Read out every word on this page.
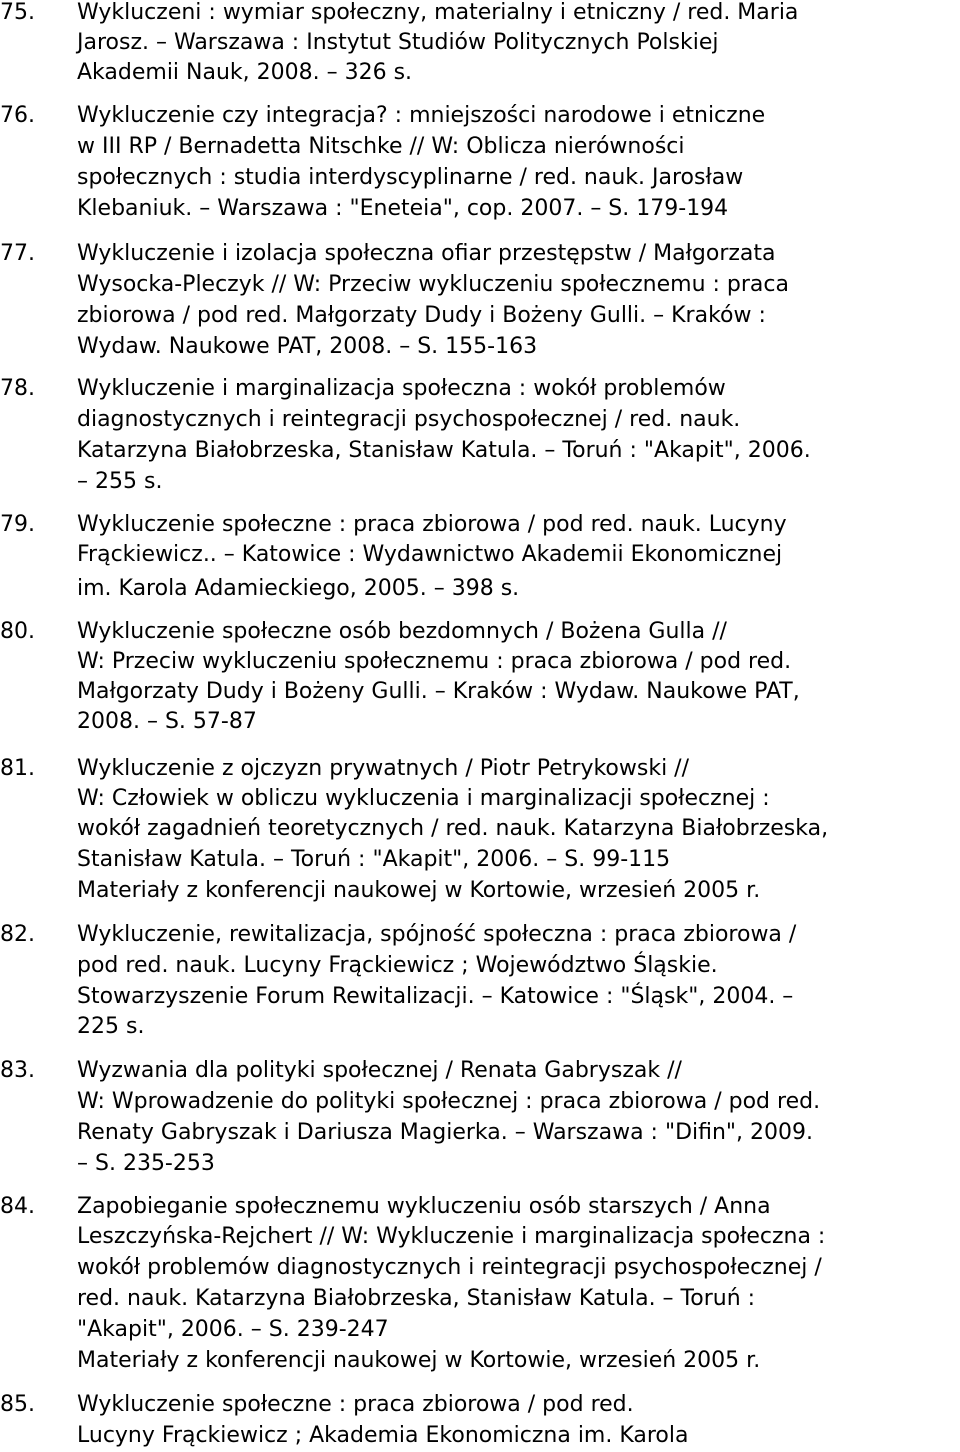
75. Wykluczeni : wymiar społeczny, materialny i etniczny / red. Maria
Jarosz. – Warszawa : Instytut Studiów Politycznych Polskiej
Akademii Nauk, 2008. – 326 s.
76. Wykluczenie czy integracja? : mniejszości narodowe i etniczne
w III RP / Bernadetta Nitschke // W: Oblicza nierówności
społecznych : studia interdyscyplinarne / red. nauk. Jarosław
Klebaniuk. – Warszawa : "Eneteia", cop. 2007. – S. 179-194
77. Wykluczenie i izolacja społeczna ofiar przestępstw / Małgorzata
Wysocka-Pleczyk // W: Przeciw wykluczeniu społecznemu : praca
zbiorowa / pod red. Małgorzaty Dudy i Bożeny Gulli. – Kraków :
Wydaw. Naukowe PAT, 2008. – S. 155-163
78. Wykluczenie i marginalizacja społeczna : wokół problemów
diagnostycznych i reintegracji psychospołecznej / red. nauk.
Katarzyna Białobrzeska, Stanisław Katula. – Toruń : "Akapit", 2006.
– 255 s.
79. Wykluczenie społeczne : praca zbiorowa / pod red. nauk. Lucyny
Frąckiewicz.. – Katowice : Wydawnictwo Akademii Ekonomicznej
im. Karola Adamieckiego, 2005. – 398 s.
80. Wykluczenie społeczne osób bezdomnych / Bożena Gulla //
W: Przeciw wykluczeniu społecznemu : praca zbiorowa / pod red.
Małgorzaty Dudy i Bożeny Gulli. – Kraków : Wydaw. Naukowe PAT,
2008. – S. 57-87
81. Wykluczenie z ojczyzn prywatnych / Piotr Petrykowski //
W: Człowiek w obliczu wykluczenia i marginalizacji społecznej :
wokół zagadnień teoretycznych / red. nauk. Katarzyna Białobrzeska,
Stanisław Katula. – Toruń : "Akapit", 2006. – S. 99-115
Materiały z konferencji naukowej w Kortowie, wrzesień 2005 r.
82. Wykluczenie, rewitalizacja, spójność społeczna : praca zbiorowa /
pod red. nauk. Lucyny Frąckiewicz ; Województwo Śląskie.
Stowarzyszenie Forum Rewitalizacji. – Katowice : "Śląsk", 2004. –
225 s.
83. Wyzwania dla polityki społecznej / Renata Gabryszak //
W: Wprowadzenie do polityki społecznej : praca zbiorowa / pod red.
Renaty Gabryszak i Dariusza Magierka. – Warszawa : "Difin", 2009.
– S. 235-253
84. Zapobieganie społecznemu wykluczeniu osób starszych / Anna
Leszczyńska-Rejchert // W: Wykluczenie i marginalizacja społeczna :
wokół problemów diagnostycznych i reintegracji psychospołecznej /
red. nauk. Katarzyna Białobrzeska, Stanisław Katula. – Toruń :
"Akapit", 2006. – S. 239-247
Materiały z konferencji naukowej w Kortowie, wrzesień 2005 r.
85. Wykluczenie społeczne : praca zbiorowa / pod red.
Lucyny Frąckiewicz ; Akademia Ekonomiczna im. Karola
